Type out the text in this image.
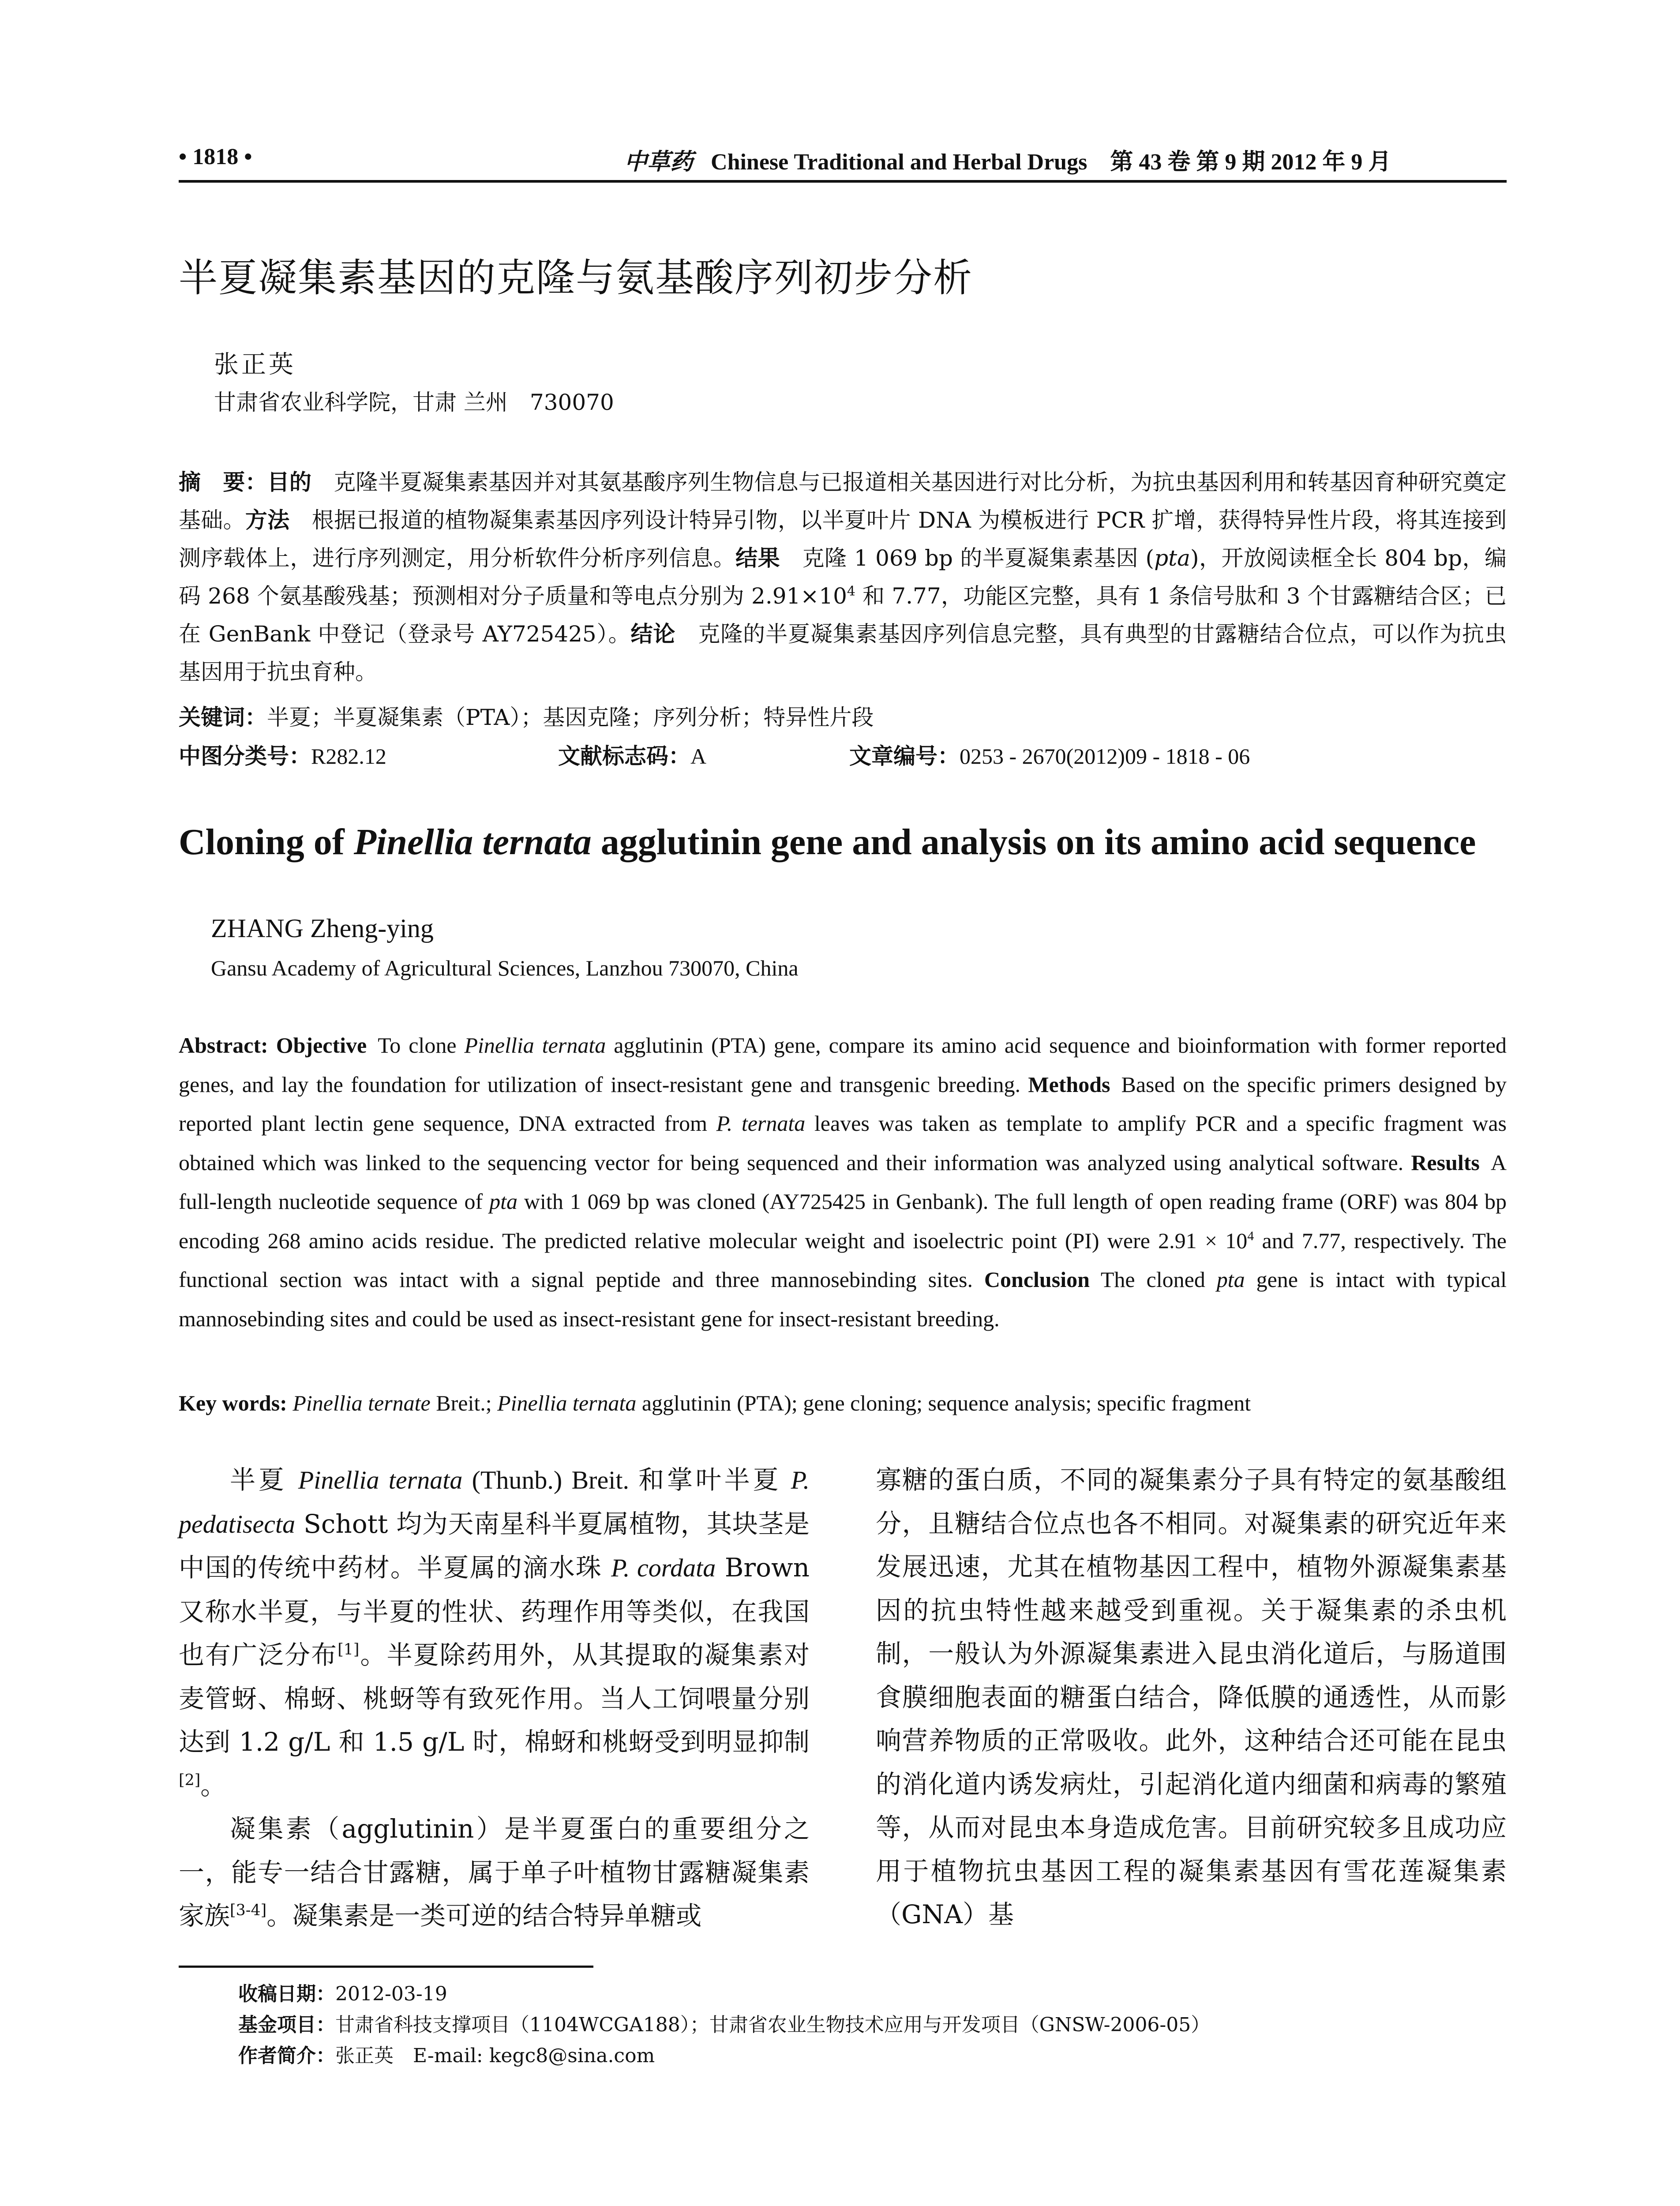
• 1818 •	中草药 Chinese Traditional and Herbal Drugs  第 43 卷 第 9 期 2012 年 9 月
半夏凝集素基因的克隆与氨基酸序列初步分析
张正英
甘肃省农业科学院，甘肃 兰州　730070
摘　要：目的  克隆半夏凝集素基因并对其氨基酸序列生物信息与已报道相关基因进行对比分析，为抗虫基因利用和转基因育种研究奠定基础。方法  根据已报道的植物凝集素基因序列设计特异引物，以半夏叶片 DNA 为模板进行 PCR 扩增，获得特异性片段，将其连接到测序载体上，进行序列测定，用分析软件分析序列信息。结果  克隆 1 069 bp 的半夏凝集素基因 (pta)，开放阅读框全长 804 bp，编码 268 个氨基酸残基；预测相对分子质量和等电点分别为 $2.91\times 10^4$ 和 7.77，功能区完整，具有 1 条信号肽和 3 个甘露糖结合区；已在 GenBank 中登记（登录号 AY725425）。结论  克隆的半夏凝集素基因序列信息完整，具有典型的甘露糖结合位点，可以作为抗虫基因用于抗虫育种。
关键词：半夏；半夏凝集素（PTA）；基因克隆；序列分析；特异性片段
中图分类号：R282.12	文献标志码：A	文章编号：0253 - 2670(2012)09 - 1818 - 06
Cloning of Pinellia ternata agglutinin gene and analysis on its amino acid sequence
ZHANG Zheng-ying
Gansu Academy of Agricultural Sciences, Lanzhou 730070, China
Abstract: Objective  To clone Pinellia ternata agglutinin (PTA) gene, compare its amino acid sequence and bioinformation with former reported genes, and lay the foundation for utilization of insect-resistant gene and transgenic breeding. Methods  Based on the specific primers designed by reported plant lectin gene sequence, DNA extracted from P. ternata leaves was taken as template to amplify PCR and a specific fragment was obtained which was linked to the sequencing vector for being sequenced and their information was analyzed using analytical software. Results  A full-length nucleotide sequence of pta with 1 069 bp was cloned (AY725425 in Genbank). The full length of open reading frame (ORF) was 804 bp encoding 268 amino acids residue. The predicted relative molecular weight and isoelectric point (PI) were $2.91 \times 10^4$ and 7.77, respectively. The functional section was intact with a signal peptide and three mannosebinding sites. Conclusion  The cloned pta gene is intact with typical mannosebinding sites and could be used as insect-resistant gene for insect-resistant breeding.
Key words: Pinellia ternate Breit.; Pinellia ternata agglutinin (PTA); gene cloning; sequence analysis; specific fragment

半夏 Pinellia ternata (Thunb.) Breit. 和掌叶半夏 P. pedatisecta Schott 均为天南星科半夏属植物，其块茎是中国的传统中药材。半夏属的滴水珠 P. cordata Brown 又称水半夏，与半夏的性状、药理作用等类似，在我国也有广泛分布[1]。半夏除药用外，从其提取的凝集素对麦管蚜、棉蚜、桃蚜等有致死作用。当人工饲喂量分别达到 1.2 g/L 和 1.5 g/L 时，棉蚜和桃蚜受到明显抑制[2]。

凝集素（agglutinin）是半夏蛋白的重要组分之一，能专一结合甘露糖，属于单子叶植物甘露糖凝集素家族[3-4]。凝集素是一类可逆的结合特异单糖或

寡糖的蛋白质，不同的凝集素分子具有特定的氨基酸组分，且糖结合位点也各不相同。对凝集素的研究近年来发展迅速，尤其在植物基因工程中，植物外源凝集素基因的抗虫特性越来越受到重视。关于凝集素的杀虫机制，一般认为外源凝集素进入昆虫消化道后，与肠道围食膜细胞表面的糖蛋白结合，降低膜的通透性，从而影响营养物质的正常吸收。此外，这种结合还可能在昆虫的消化道内诱发病灶，引起消化道内细菌和病毒的繁殖等，从而对昆虫本身造成危害。目前研究较多且成功应用于植物抗虫基因工程的凝集素基因有雪花莲凝集素（GNA）基

收稿日期：2012-03-19
基金项目：甘肃省科技支撑项目（1104WCGA188）；甘肃省农业生物技术应用与开发项目（GNSW-2006-05）
作者简介：张正英　E-mail: kegc8@sina.com
